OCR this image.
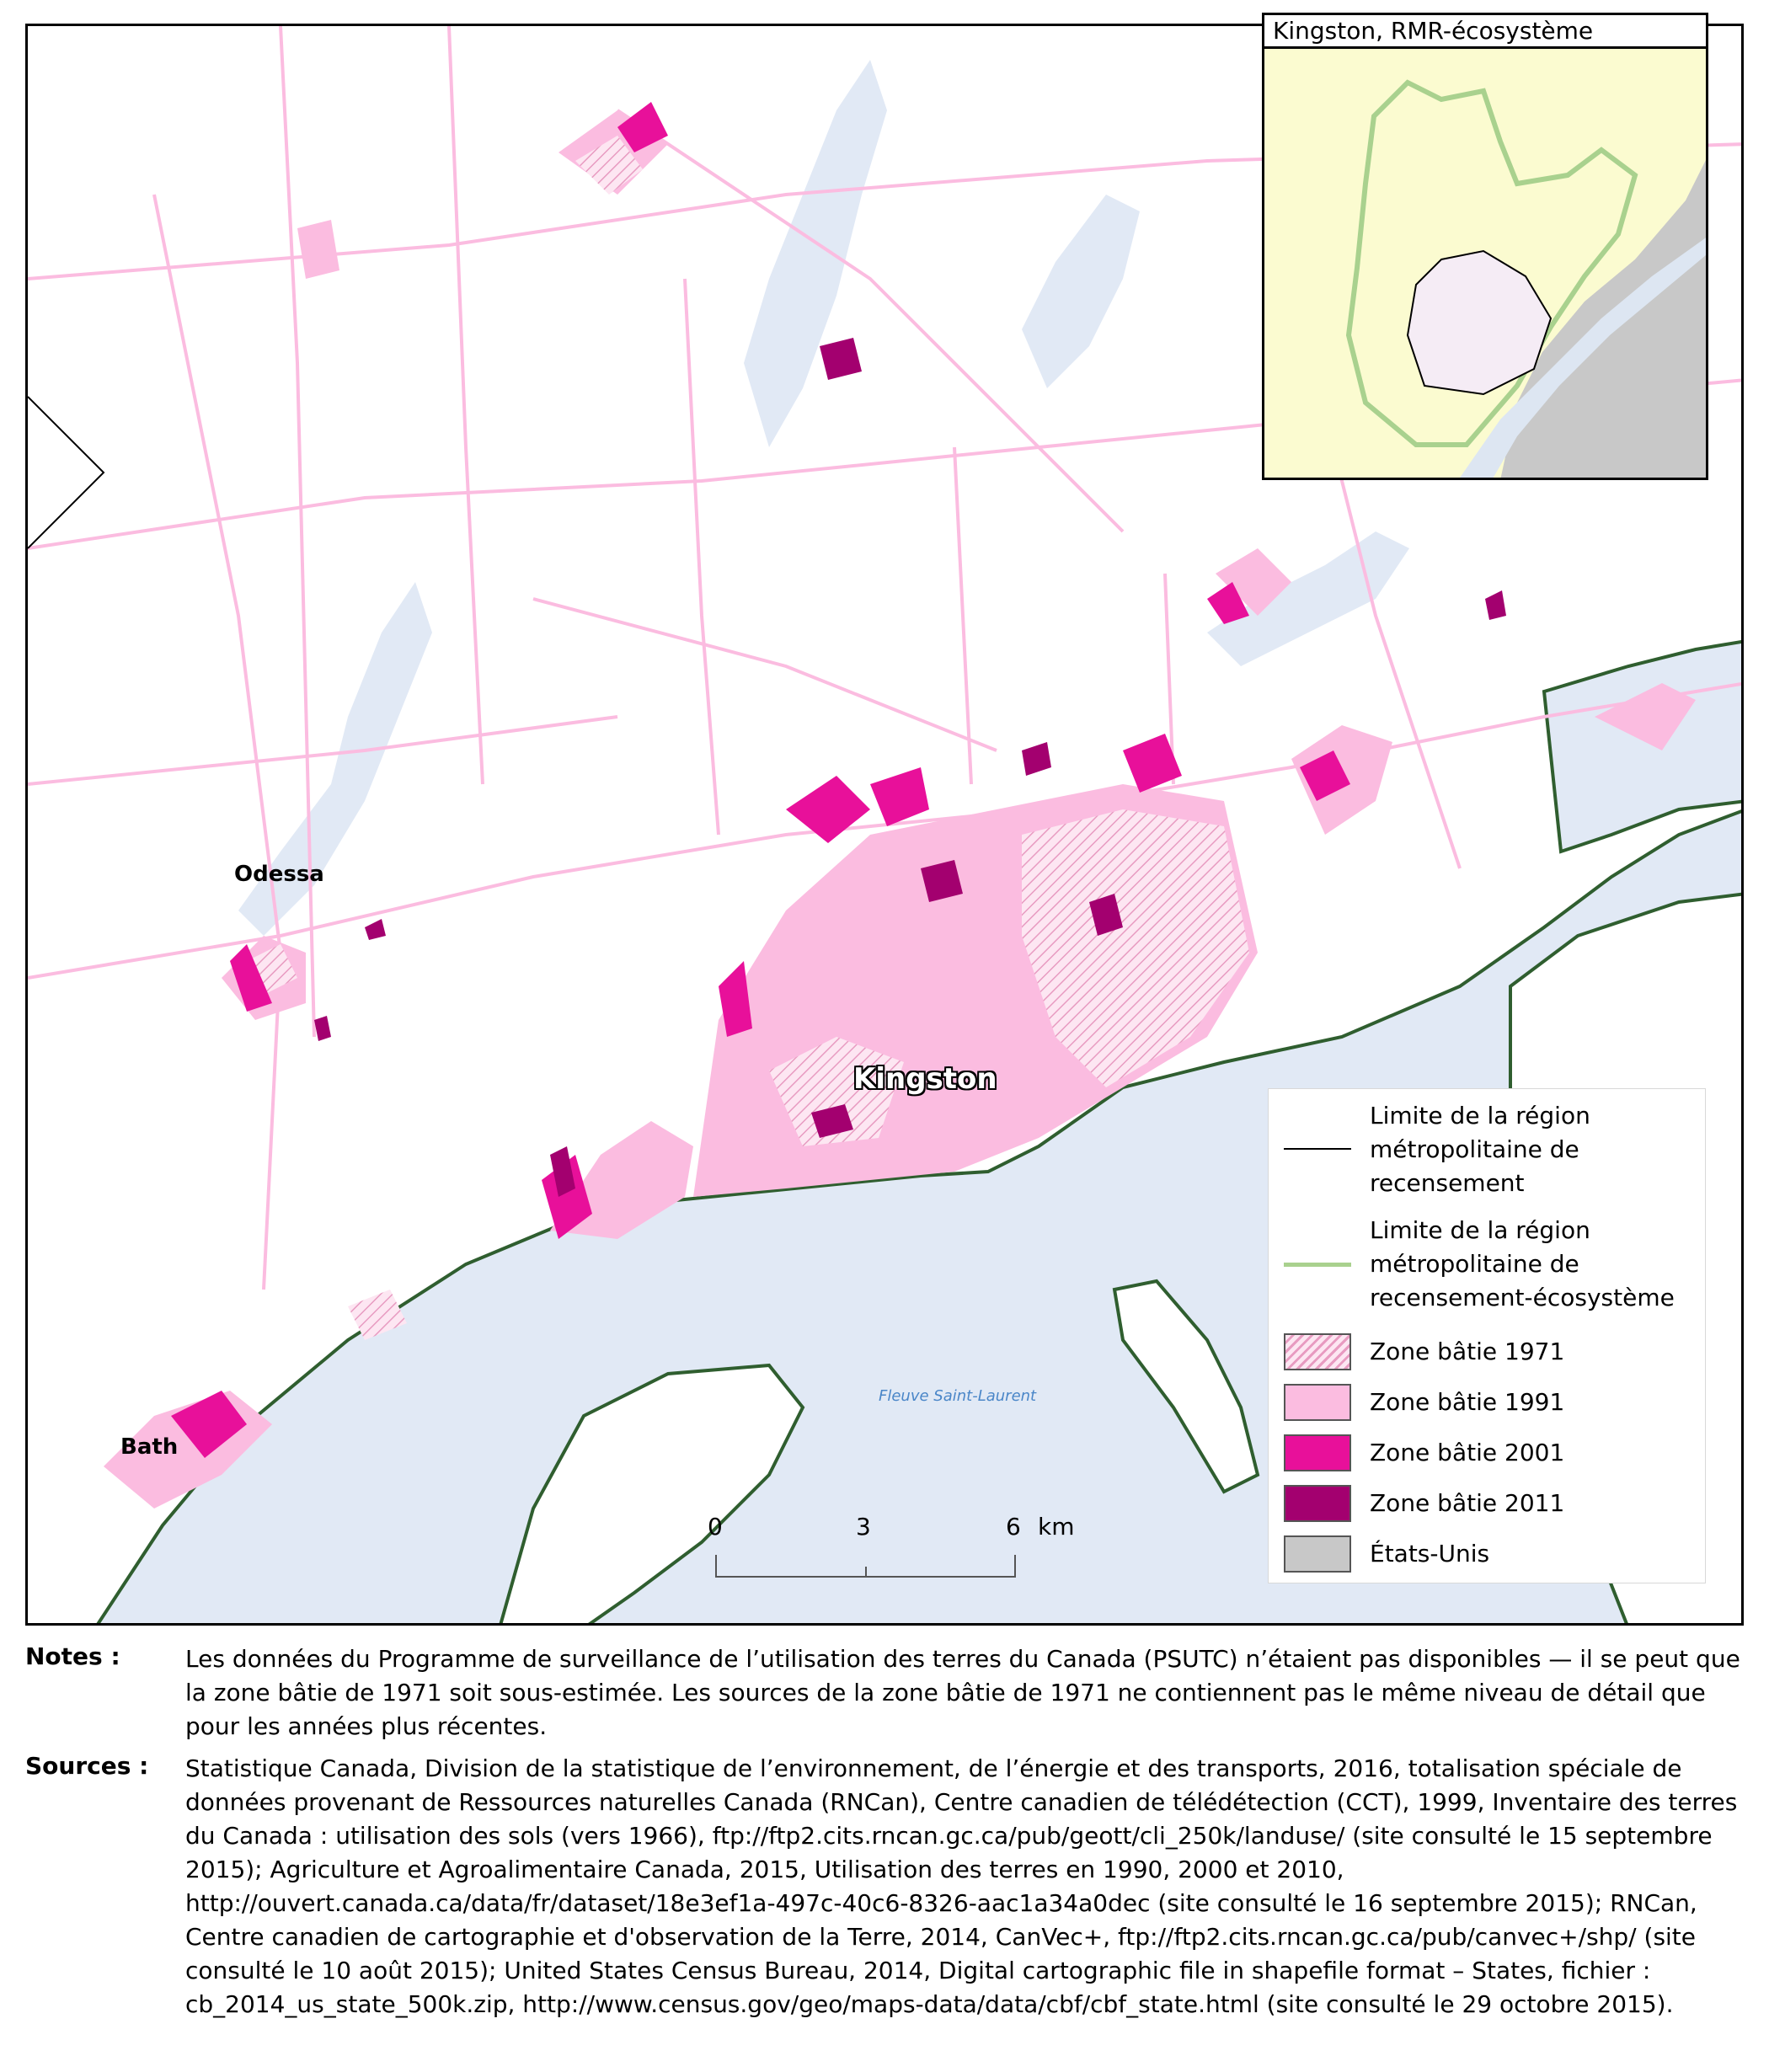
Odessa
Bath
Kingston
Fleuve Saint-Laurent
Kingston, RMR-écosystème
Limite de la région
métropolitaine de
recensement
Limite de la région
métropolitaine de
recensement-écosystème
Zone bâtie 1971
Zone bâtie 1991
Zone bâtie 2001
Zone bâtie 2011
États-Unis
0	3	6 km
Notes :	Les données du Programme de surveillance de l’utilisation des terres du Canada (PSUTC) n’étaient pas disponibles — il se peut que la zone bâtie de 1971 soit sous-estimée. Les sources de la zone bâtie de 1971 ne contiennent pas le même niveau de détail que pour les années plus récentes.
Sources : Statistique Canada, Division de la statistique de l’environnement, de l’énergie et des transports, 2016, totalisation spéciale de données provenant de Ressources naturelles Canada (RNCan), Centre canadien de télédétection (CCT), 1999, Inventaire des terres du Canada : utilisation des sols (vers 1966), ftp://ftp2.cits.rncan.gc.ca/pub/geott/cli_250k/landuse/ (site consulté le 15 septembre 2015); Agriculture et Agroalimentaire Canada, 2015, Utilisation des terres en 1990, 2000 et 2010, http://ouvert.canada.ca/data/fr/dataset/18e3ef1a-497c-40c6-8326-aac1a34a0dec (site consulté le 16 septembre 2015); RNCan, Centre canadien de cartographie et d'observation de la Terre, 2014, CanVec+, ftp://ftp2.cits.rncan.gc.ca/pub/canvec+/shp/ (site consulté le 10 août 2015); United States Census Bureau, 2014, Digital cartographic file in shapefile format – States, fichier : cb_2014_us_state_500k.zip, http://www.census.gov/geo/maps-data/data/cbf/cbf_state.html (site consulté le 29 octobre 2015).
